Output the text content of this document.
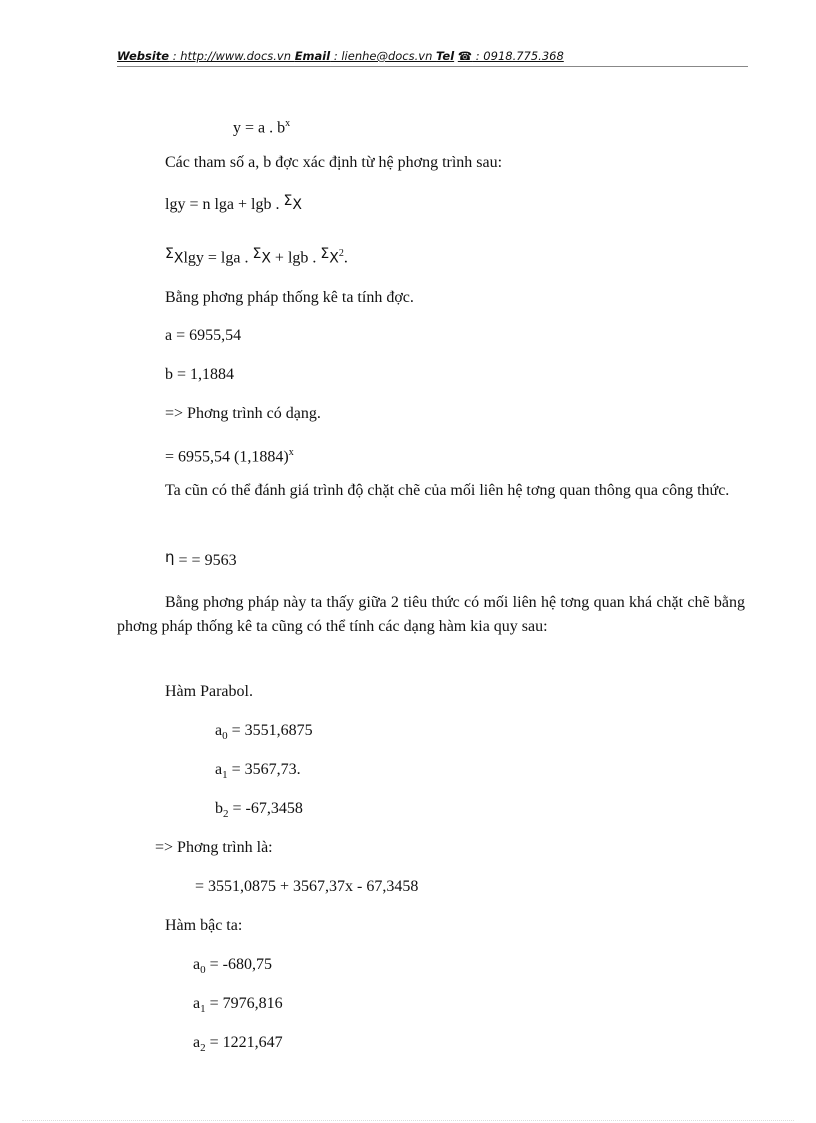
Website : http://www.docs.vn Email : lienhe@docs.vn Tel ☎ : 0918.775.368
y = a . $b^x$
Các tham số a, b đợc xác định từ hệ phơng trình sau:
lgy = n lga + lgb . ΣX
ΣXlgy = lga . ΣX + lgb . $\Sigma X^2$.
Bằng phơng pháp thống kê ta tính đợc.
a = 6955,54
b = 1,1884
=> Phơng trình có dạng.
= 6955,54 $(1,1884)^x$
Ta cũn có thể đánh giá trình độ chặt chẽ của mối liên hệ tơng quan thông qua công thức.
η = = 9563
Bằng phơng pháp này ta thấy giữa 2 tiêu thức có mối liên hệ tơng quan khá chặt chẽ bằng phơng pháp thống kê ta cũng có thể tính các dạng hàm kia quy sau:
Hàm Parabol.
$a_0 = 3551,6875$
$a_1 = 3567,73$.
$b_2 = -67,3458$
=> Phơng trình là:
= 3551,0875 + 3567,37x - 67,3458
Hàm bậc ta:
$a_0 = -680,75$
$a_1 = 7976,816$
$a_2 = 1221,647$
